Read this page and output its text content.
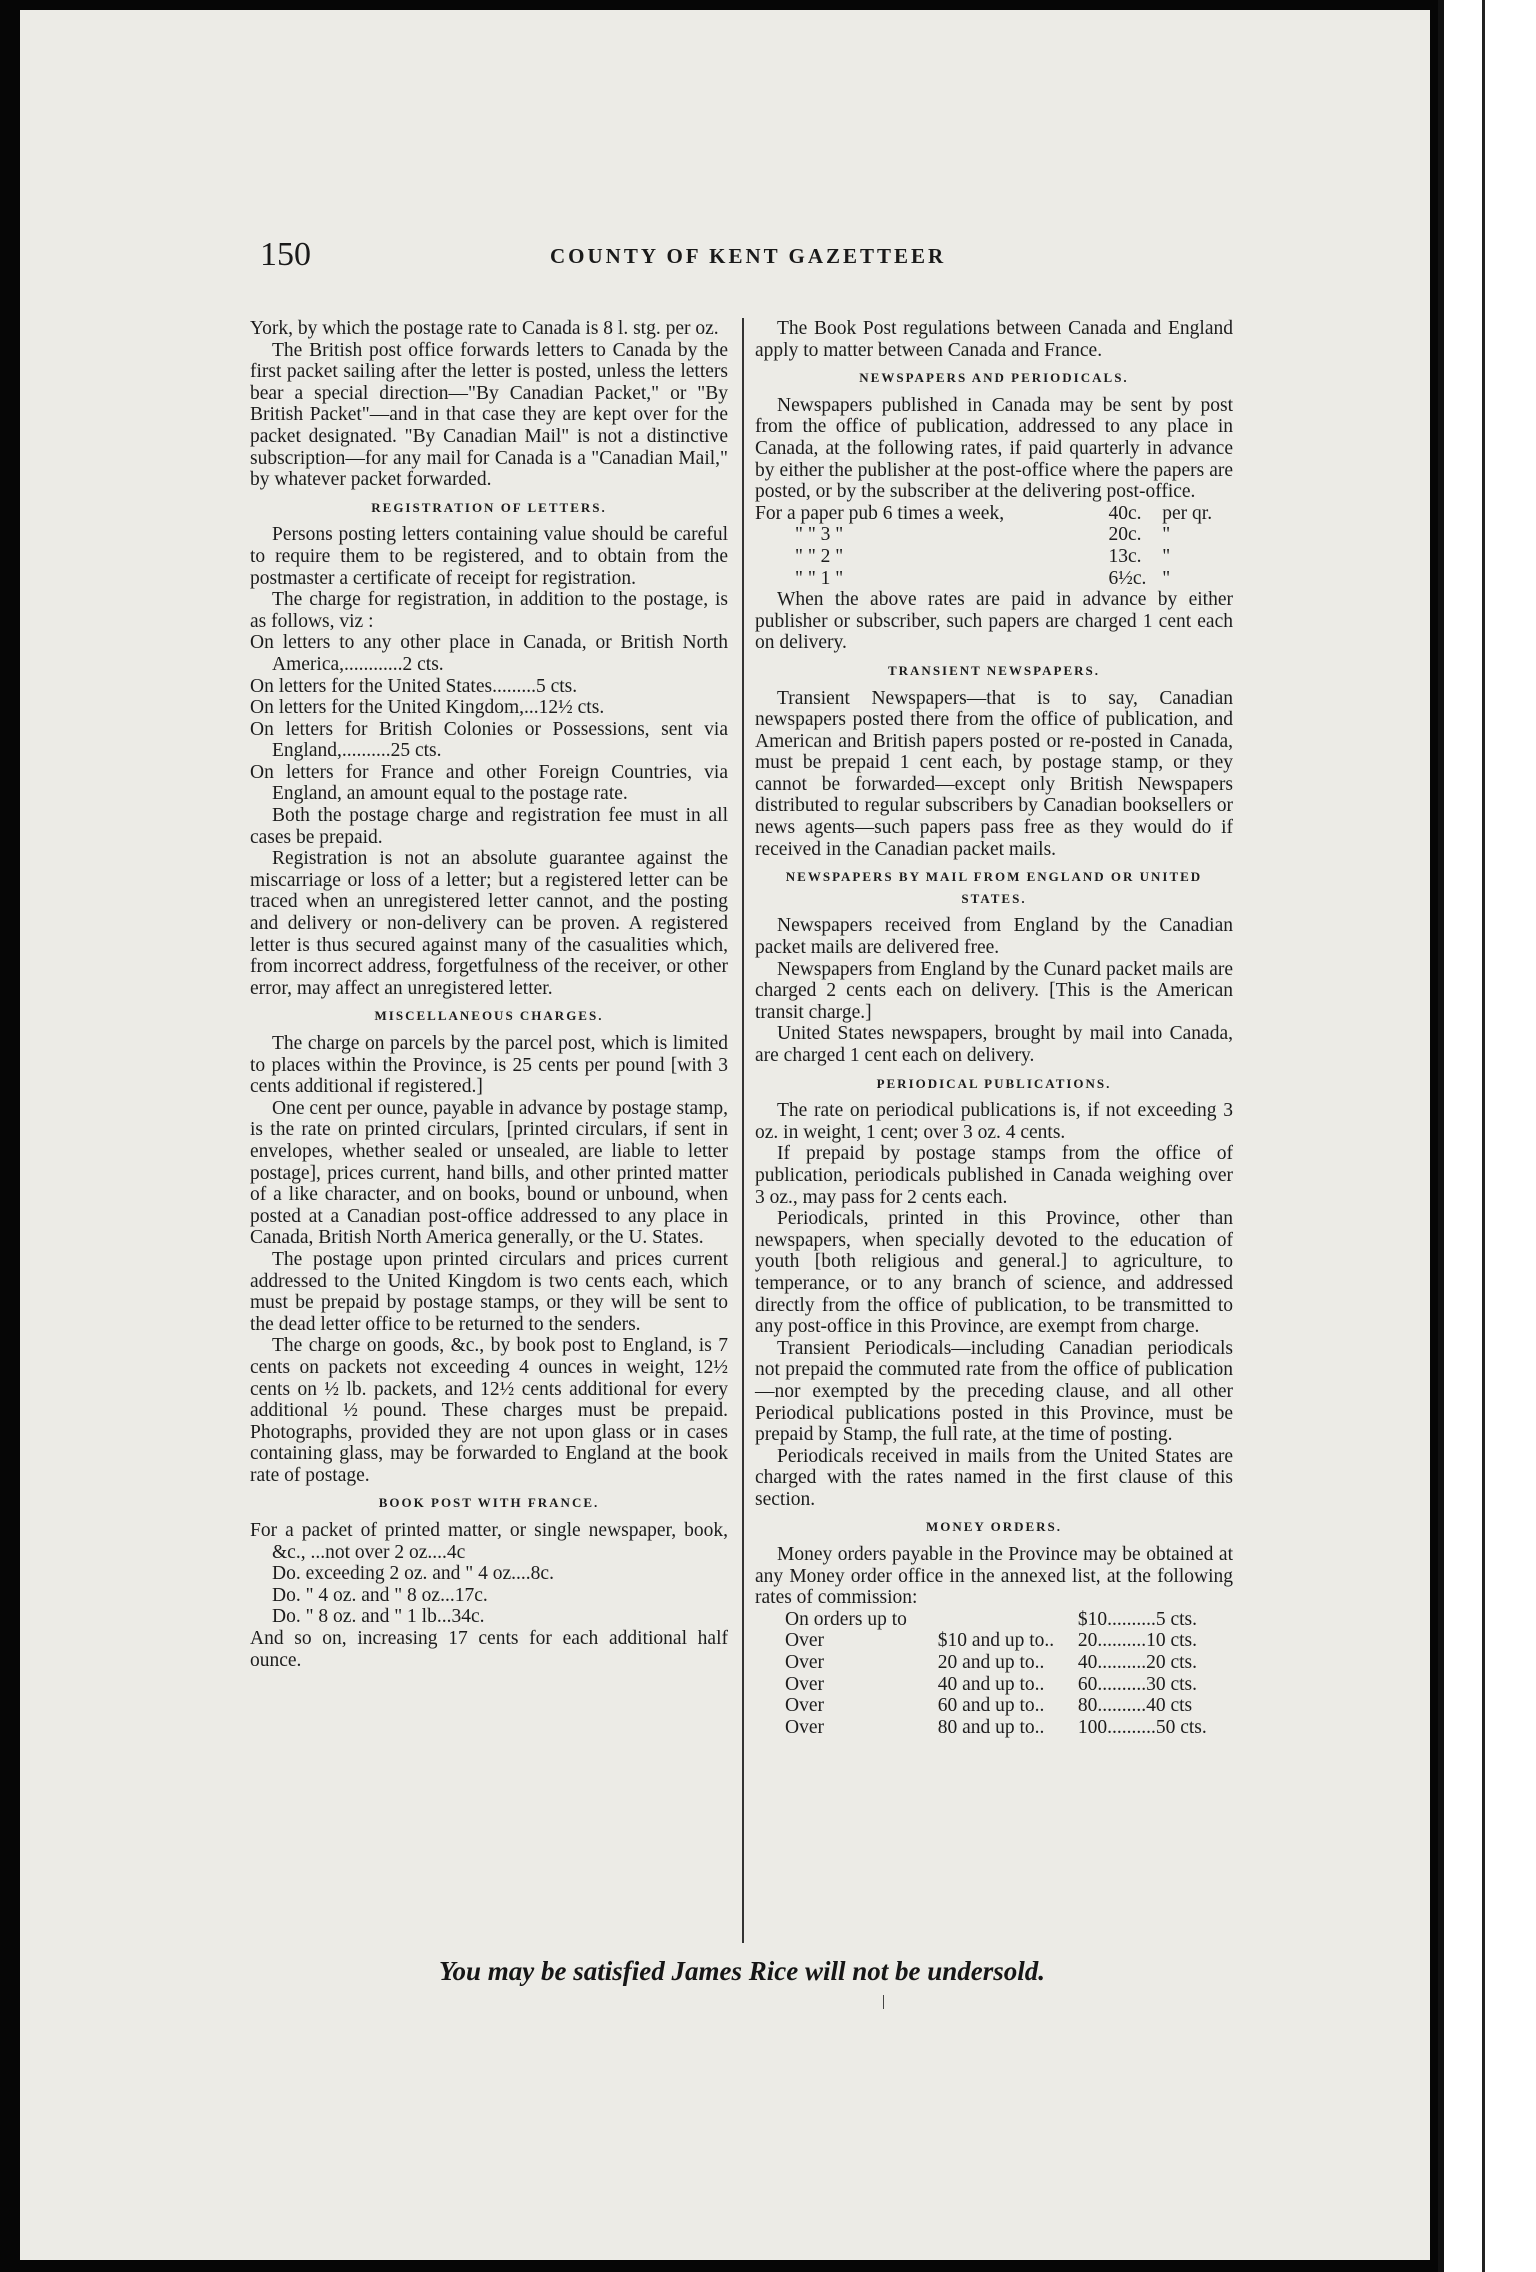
150	COUNTY OF KENT GAZETTEER

York, by which the postage rate to Canada is 8 l. stg. per oz.

The British post office forwards letters to Canada by the first packet sailing after the letter is posted, unless the letters bear a special direction—"By Canadian Packet," or "By British Packet"—and in that case they are kept over for the packet designated. "By Canadian Mail" is not a distinctive subscription—for any mail for Canada is a "Canadian Mail," by whatever packet forwarded.

REGISTRATION OF LETTERS.

Persons posting letters containing value should be careful to require them to be registered, and to obtain from the postmaster a certificate of receipt for registration.

The charge for registration, in addition to the postage, is as follows, viz :

On letters to any other place in Canada, or British North America,............2 cts.

On letters for the United States.........5 cts.

On letters for the United Kingdom,...12½ cts.

On letters for British Colonies or Possessions, sent via England,..........25 cts.

On letters for France and other Foreign Countries, via England, an amount equal to the postage rate.

Both the postage charge and registration fee must in all cases be prepaid.

Registration is not an absolute guarantee against the miscarriage or loss of a letter; but a registered letter can be traced when an unregistered letter cannot, and the posting and delivery or non-delivery can be proven. A registered letter is thus secured against many of the casualities which, from incorrect address, forgetfulness of the receiver, or other error, may affect an unregistered letter.

MISCELLANEOUS CHARGES.

The charge on parcels by the parcel post, which is limited to places within the Province, is 25 cents per pound [with 3 cents additional if registered.]

One cent per ounce, payable in advance by postage stamp, is the rate on printed circulars, [printed circulars, if sent in envelopes, whether sealed or unsealed, are liable to letter postage], prices current, hand bills, and other printed matter of a like character, and on books, bound or unbound, when posted at a Canadian post-office addressed to any place in Canada, British North America generally, or the U. States.

The postage upon printed circulars and prices current addressed to the United Kingdom is two cents each, which must be prepaid by postage stamps, or they will be sent to the dead letter office to be returned to the senders.

The charge on goods, &c., by book post to England, is 7 cents on packets not exceeding 4 ounces in weight, 12½ cents on ½ lb. packets, and 12½ cents additional for every additional ½ pound. These charges must be prepaid. Photographs, provided they are not upon glass or in cases containing glass, may be forwarded to England at the book rate of postage.

BOOK POST WITH FRANCE.

For a packet of printed matter, or single newspaper, book, &c., ...not over 2 oz....4c

Do. exceeding 2 oz. and " 4 oz....8c.

Do. " 4 oz. and " 8 oz...17c.

Do. " 8 oz. and " 1 lb...34c.

And so on, increasing 17 cents for each additional half ounce.

The Book Post regulations between Canada and England apply to matter between Canada and France.

NEWSPAPERS AND PERIODICALS.

Newspapers published in Canada may be sent by post from the office of publication, addressed to any place in Canada, at the following rates, if paid quarterly in advance by either the publisher at the post-office where the papers are posted, or by the subscriber at the delivering post-office.

For a paper pub 6 times a week,	40c.	per qr.
" " 3 "	20c.	"
" " 2 "	13c.	"
" " 1 "	6½c.	"

When the above rates are paid in advance by either publisher or subscriber, such papers are charged 1 cent each on delivery.

TRANSIENT NEWSPAPERS.

Transient Newspapers—that is to say, Canadian newspapers posted there from the office of publication, and American and British papers posted or re-posted in Canada, must be prepaid 1 cent each, by postage stamp, or they cannot be forwarded—except only British Newspapers distributed to regular subscribers by Canadian booksellers or news agents—such papers pass free as they would do if received in the Canadian packet mails.

NEWSPAPERS BY MAIL FROM ENGLAND OR UNITED STATES.

Newspapers received from England by the Canadian packet mails are delivered free.

Newspapers from England by the Cunard packet mails are charged 2 cents each on delivery. [This is the American transit charge.]

United States newspapers, brought by mail into Canada, are charged 1 cent each on delivery.

PERIODICAL PUBLICATIONS.

The rate on periodical publications is, if not exceeding 3 oz. in weight, 1 cent; over 3 oz. 4 cents.

If prepaid by postage stamps from the office of publication, periodicals published in Canada weighing over 3 oz., may pass for 2 cents each.

Periodicals, printed in this Province, other than newspapers, when specially devoted to the education of youth [both religious and general.] to agriculture, to temperance, or to any branch of science, and addressed directly from the office of publication, to be transmitted to any post-office in this Province, are exempt from charge.

Transient Periodicals—including Canadian periodicals not prepaid the commuted rate from the office of publication—nor exempted by the preceding clause, and all other Periodical publications posted in this Province, must be prepaid by Stamp, the full rate, at the time of posting.

Periodicals received in mails from the United States are charged with the rates named in the first clause of this section.

MONEY ORDERS.

Money orders payable in the Province may be obtained at any Money order office in the annexed list, at the following rates of commission:

On orders up to		$10..........5 cts.
Over	$10 and up to..	20..........10 cts.
Over	20 and up to..	40..........20 cts.
Over	40 and up to..	60..........30 cts.
Over	60 and up to..	80..........40 cts
Over	80 and up to..	100..........50 cts.
You may be satisfied James Rice will not be undersold.
